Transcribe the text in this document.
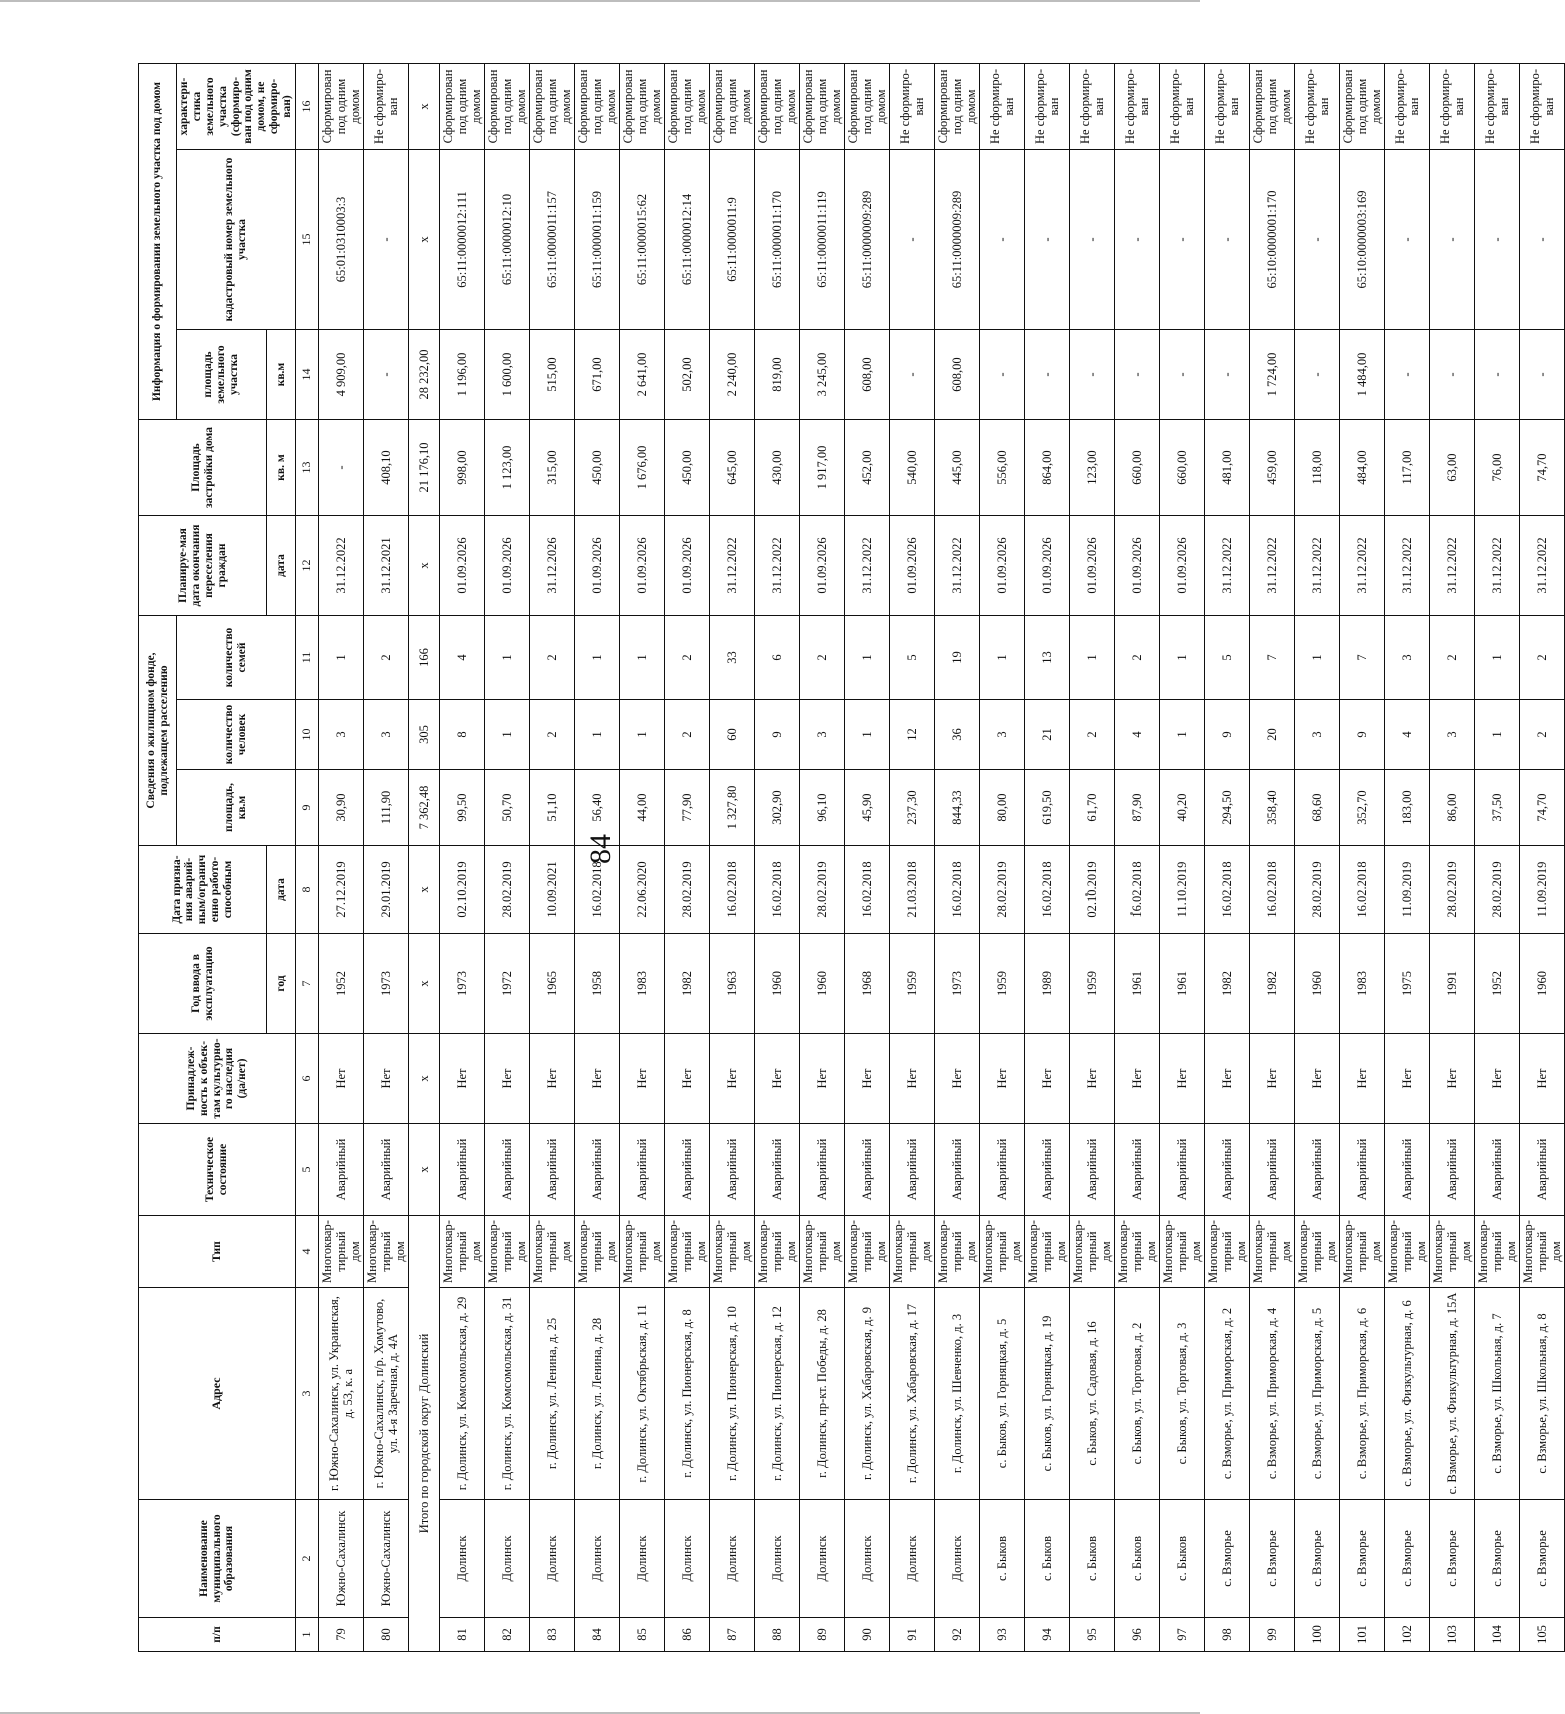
84
п/п	Наименование муниципального образования	Адрес	Тип	Техническое состояние	Принадлеж-ность к объек-там культурно-го наследия (да/нет)	Год ввода в эксплуатацию	Дата призна-ния аварий-ным/огранич енно работо-способным	Сведения о жилищном фонде, подлежащем расселению			Планируе-мая дата окончания переселения граждан	Площадь застройки дома	Информация о формировании земельного участка под домом		
								площадь, кв.м	количество человек	количество семей			площадь земельного участка	кадастровый номер земельного участка	характери-стика земельного участка (сформиро-ван под одним домом, не сформиро-ван)
						год	дата				дата	кв. м	кв.м		
1	2	3	4	5	6	7	8	9	10	11	12	13	14	15	16
79	Южно-Сахалинск	г. Южно-Сахалинск, ул. Украинская, д. 53, к. а	Многоквар-тирный дом	Аварийный	Нет	1952	27.12.2019	30,90	3	1	31.12.2022	-	4 909,00	65:01:0310003:3	Сформирован под одним домом
80	Южно-Сахалинск	г. Южно-Сахалинск, п/р. Хомутово, ул. 4-я Заречная, д. 4А	Многоквар-тирный дом	Аварийный	Нет	1973	29.01.2019	111,90	3	2	31.12.2021	408,10	-	-	Не сформиро-ван
Итого по городской округ Долинский				х	х	х	х	7 362,48	305	166	х	21 176,10	28 232,00	х	х
81	Долинск	г. Долинск, ул. Комсомольская, д. 29	Многоквар-тирный дом	Аварийный	Нет	1973	02.10.2019	99,50	8	4	01.09.2026	998,00	1 196,00	65:11:0000012:111	Сформирован под одним домом
82	Долинск	г. Долинск, ул. Комсомольская, д. 31	Многоквар-тирный дом	Аварийный	Нет	1972	28.02.2019	50,70	1	1	01.09.2026	1 123,00	1 600,00	65:11:0000012:10	Сформирован под одним домом
83	Долинск	г. Долинск, ул. Ленина, д. 25	Многоквар-тирный дом	Аварийный	Нет	1965	10.09.2021	51,10	2	2	31.12.2026	315,00	515,00	65:11:0000011:157	Сформирован под одним домом
84	Долинск	г. Долинск, ул. Ленина, д. 28	Многоквар-тирный дом	Аварийный	Нет	1958	16.02.2018	56,40	1	1	01.09.2026	450,00	671,00	65:11:0000011:159	Сформирован под одним домом
85	Долинск	г. Долинск, ул. Октябрьская, д. 11	Многоквар-тирный дом	Аварийный	Нет	1983	22.06.2020	44,00	1	1	01.09.2026	1 676,00	2 641,00	65:11:0000015:62	Сформирован под одним домом
86	Долинск	г. Долинск, ул. Пионерская, д. 8	Многоквар-тирный дом	Аварийный	Нет	1982	28.02.2019	77,90	2	2	01.09.2026	450,00	502,00	65:11:0000012:14	Сформирован под одним домом
87	Долинск	г. Долинск, ул. Пионерская, д. 10	Многоквар-тирный дом	Аварийный	Нет	1963	16.02.2018	1 327,80	60	33	31.12.2022	645,00	2 240,00	65:11:0000011:9	Сформирован под одним домом
88	Долинск	г. Долинск, ул. Пионерская, д. 12	Многоквар-тирный дом	Аварийный	Нет	1960	16.02.2018	302,90	9	6	31.12.2022	430,00	819,00	65:11:0000011:170	Сформирован под одним домом
89	Долинск	г. Долинск, пр-кт. Победы, д. 28	Многоквар-тирный дом	Аварийный	Нет	1960	28.02.2019	96,10	3	2	01.09.2026	1 917,00	3 245,00	65:11:0000011:119	Сформирован под одним домом
90	Долинск	г. Долинск, ул. Хабаровская, д. 9	Многоквар-тирный дом	Аварийный	Нет	1968	16.02.2018	45,90	1	1	31.12.2022	452,00	608,00	65:11:0000009:289	Сформирован под одним домом
91	Долинск	г. Долинск, ул. Хабаровская, д. 17	Многоквар-тирный дом	Аварийный	Нет	1959	21.03.2018	237,30	12	5	01.09.2026	540,00	-	-	Не сформиро-ван
92	Долинск	г. Долинск, ул. Шевченко, д. 3	Многоквар-тирный дом	Аварийный	Нет	1973	16.02.2018	844,33	36	19	31.12.2022	445,00	608,00	65:11:0000009:289	Сформирован под одним домом
93	с. Быков	с. Быков, ул. Горняцкая, д. 5	Многоквар-тирный дом	Аварийный	Нет	1959	28.02.2019	80,00	3	1	01.09.2026	556,00	-	-	Не сформиро-ван
94	с. Быков	с. Быков, ул. Горняцкая, д. 19	Многоквар-тирный дом	Аварийный	Нет	1989	16.02.2018	619,50	21	13	01.09.2026	864,00	-	-	Не сформиро-ван
95	с. Быков	с. Быков, ул. Садовая, д. 16	Многоквар-тирный дом	Аварийный	Нет	1959	02.10.2019	61,70	2	1	01.09.2026	123,00	-	-	Не сформиро-ван
96	с. Быков	с. Быков, ул. Торговая, д. 2	Многоквар-тирный дом	Аварийный	Нет	1961	16.02.2018	87,90	4	2	01.09.2026	660,00	-	-	Не сформиро-ван
97	с. Быков	с. Быков, ул. Торговая, д. 3	Многоквар-тирный дом	Аварийный	Нет	1961	11.10.2019	40,20	1	1	01.09.2026	660,00	-	-	Не сформиро-ван
98	с. Взморье	с. Взморье, ул. Приморская, д. 2	Многоквар-тирный дом	Аварийный	Нет	1982	16.02.2018	294,50	9	5	31.12.2022	481,00	-	-	Не сформиро-ван
99	с. Взморье	с. Взморье, ул. Приморская, д. 4	Многоквар-тирный дом	Аварийный	Нет	1982	16.02.2018	358,40	20	7	31.12.2022	459,00	1 724,00	65:10:0000001:170	Сформирован под одним домом
100	с. Взморье	с. Взморье, ул. Приморская, д. 5	Многоквар-тирный дом	Аварийный	Нет	1960	28.02.2019	68,60	3	1	31.12.2022	118,00	-	-	Не сформиро-ван
101	с. Взморье	с. Взморье, ул. Приморская, д. 6	Многоквар-тирный дом	Аварийный	Нет	1983	16.02.2018	352,70	9	7	31.12.2022	484,00	1 484,00	65:10:0000003:169	Сформирован под одним домом
102	с. Взморье	с. Взморье, ул. Физкультурная, д. 6	Многоквар-тирный дом	Аварийный	Нет	1975	11.09.2019	183,00	4	3	31.12.2022	117,00	-	-	Не сформиро-ван
103	с. Взморье	с. Взморье, ул. Физкультурная, д. 15А	Многоквар-тирный дом	Аварийный	Нет	1991	28.02.2019	86,00	3	2	31.12.2022	63,00	-	-	Не сформиро-ван
104	с. Взморье	с. Взморье, ул. Школьная, д. 7	Многоквар-тирный дом	Аварийный	Нет	1952	28.02.2019	37,50	1	1	31.12.2022	76,00	-	-	Не сформиро-ван
105	с. Взморье	с. Взморье, ул. Школьная, д. 8	Многоквар-тирный дом	Аварийный	Нет	1960	11.09.2019	74,70	2	2	31.12.2022	74,70	-	-	Не сформиро-ван
